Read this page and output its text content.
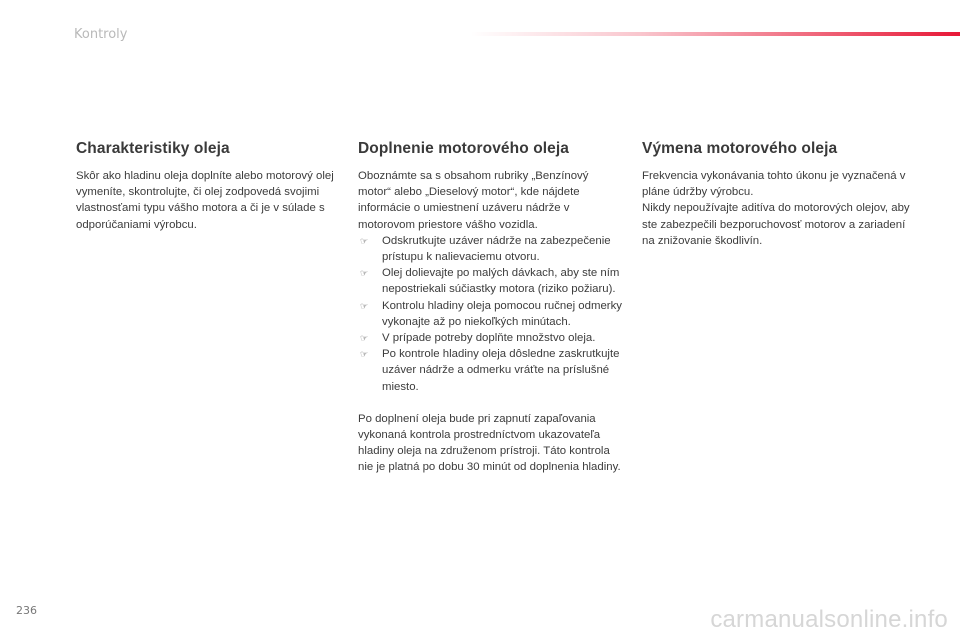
Kontroly
Charakteristiky oleja

Skôr ako hladinu oleja doplníte alebo motorový olej vymeníte, skontrolujte, či olej zodpovedá svojimi vlastnosťami typu vášho motora a či je v súlade s odporúčaniami výrobcu.

Doplnenie motorového oleja

Oboznámte sa s obsahom rubriky „Benzínový motor“ alebo „Dieselový motor“, kde nájdete informácie o umiestnení uzáveru nádrže v motorovom priestore vášho vozidla.

☞ Odskrutkujte uzáver nádrže na zabezpečenie prístupu k nalievaciemu otvoru.
☞ Olej dolievajte po malých dávkach, aby ste ním nepostriekali súčiastky motora (riziko požiaru).
☞ Kontrolu hladiny oleja pomocou ručnej odmerky vykonajte až po niekoľkých minútach.
☞ V prípade potreby doplňte množstvo oleja.
☞ Po kontrole hladiny oleja dôsledne zaskrutkujte uzáver nádrže a odmerku vráťte na príslušné miesto.

Po doplnení oleja bude pri zapnutí zapaľovania vykonaná kontrola prostredníctvom ukazovateľa hladiny oleja na združenom prístroji. Táto kontrola nie je platná po dobu 30 minút od doplnenia hladiny.

Výmena motorového oleja

Frekvencia vykonávania tohto úkonu je vyznačená v pláne údržby výrobcu.

Nikdy nepoužívajte aditíva do motorových olejov, aby ste zabezpečili bezporuchovosť motorov a zariadení na znižovanie škodlivín.

236	carmanualsonline.info
